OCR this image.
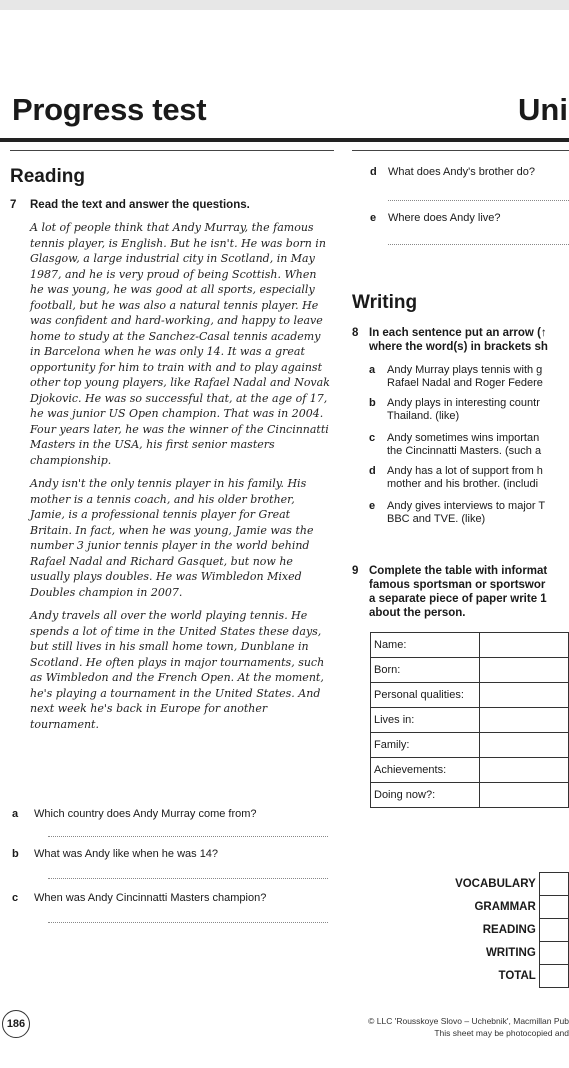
Progress test	Uni
Reading

7 Read the text and answer the questions.

A lot of people think that Andy Murray, the famous tennis player, is English. But he isn't. He was born in Glasgow, a large industrial city in Scotland, in May 1987, and he is very proud of being Scottish. When he was young, he was good at all sports, especially football, but he was also a natural tennis player. He was confident and hard-working, and happy to leave home to study at the Sanchez-Casal tennis academy in Barcelona when he was only 14. It was a great opportunity for him to train with and to play against other top young players, like Rafael Nadal and Novak Djokovic. He was so successful that, at the age of 17, he was junior US Open champion. That was in 2004. Four years later, he was the winner of the Cincinnatti Masters in the USA, his first senior masters championship.

Andy isn't the only tennis player in his family. His mother is a tennis coach, and his older brother, Jamie, is a professional tennis player for Great Britain. In fact, when he was young, Jamie was the number 3 junior tennis player in the world behind Rafael Nadal and Richard Gasquet, but now he usually plays doubles. He was Wimbledon Mixed Doubles champion in 2007.

Andy travels all over the world playing tennis. He spends a lot of time in the United States these days, but still lives in his small home town, Dunblane in Scotland. He often plays in major tournaments, such as Wimbledon and the French Open. At the moment, he's playing a tournament in the United States. And next week he's back in Europe for another tournament.

a Which country does Andy Murray come from?
b What was Andy like when he was 14?
c When was Andy Cincinnatti Masters champion?
d What does Andy's brother do?
e Where does Andy live?
Writing

8 In each sentence put an arrow (↑

where the word(s) in brackets sh

a Andy Murray plays tennis with g
Rafael Nadal and Roger Federe
b Andy plays in interesting countr
Thailand. (like)
c Andy sometimes wins importan
the Cincinnatti Masters. (such a
d Andy has a lot of support from h
mother and his brother. (includi
e Andy gives interviews to major T
BBC and TVE. (like)

9 Complete the table with informat

famous sportsman or sportswor

a separate piece of paper write 1

about the person.

Name:	
Born:	
Personal qualities:	
Lives in:	
Family:	
Achievements:	
Doing now?:	
VOCABULARY	
GRAMMAR	
READING	
WRITING	
TOTAL	
186	© LLC 'Rousskoye Slovo – Uchebnik', Macmillan Pub
This sheet may be photocopied and
